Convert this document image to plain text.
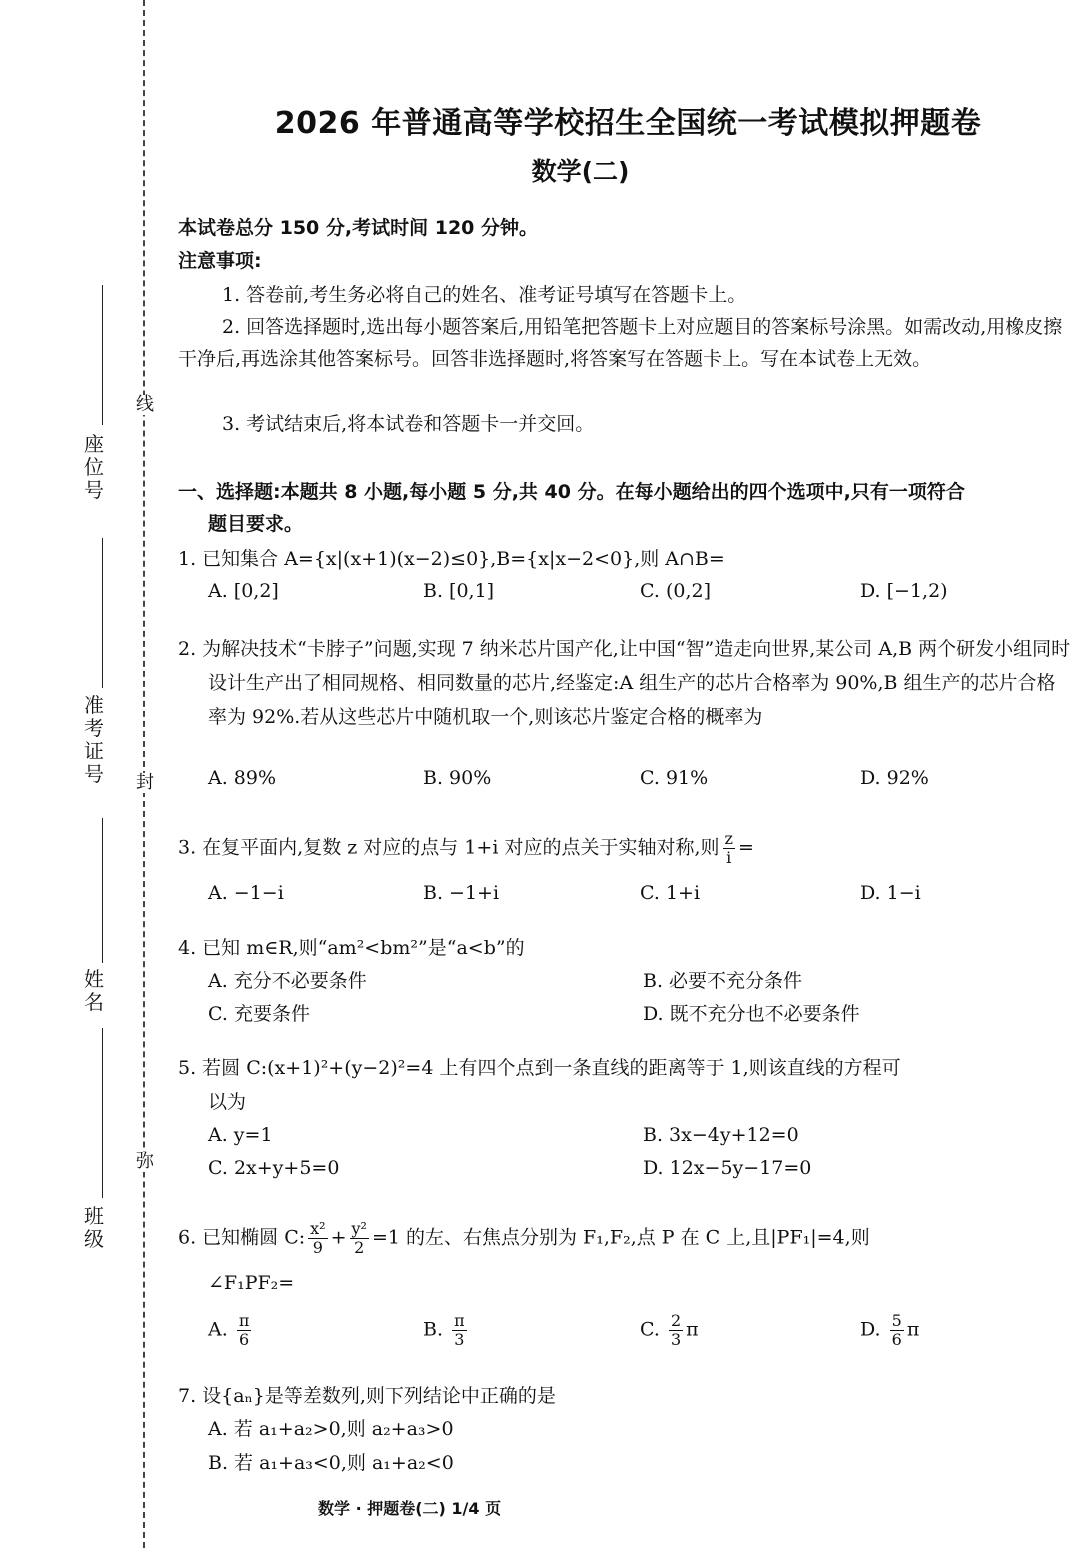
线
封
弥
座位号
准考证号
姓名
班级
2026 年普通高等学校招生全国统一考试模拟押题卷
数学(二)
本试卷总分 150 分,考试时间 120 分钟。
注意事项:
1. 答卷前,考生务必将自己的姓名、准考证号填写在答题卡上。
2. 回答选择题时,选出每小题答案后,用铅笔把答题卡上对应题目的答案标号涂黑。如需改动,用橡皮擦干净后,再选涂其他答案标号。回答非选择题时,将答案写在答题卡上。写在本试卷上无效。
3. 考试结束后,将本试卷和答题卡一并交回。
一、选择题:本题共 8 小题,每小题 5 分,共 40 分。在每小题给出的四个选项中,只有一项符合
题目要求。
1. 已知集合 A={x|(x+1)(x−2)≤0},B={x|x−2<0},则 A∩B=
A. [0,2]	B. [0,1]	C. (0,2]	D. [−1,2)
2. 为解决技术“卡脖子”问题,实现 7 纳米芯片国产化,让中国“智”造走向世界,某公司 A,B 两个研发小组同时设计生产出了相同规格、相同数量的芯片,经鉴定:A 组生产的芯片合格率为 90%,B 组生产的芯片合格率为 92%.若从这些芯片中随机取一个,则该芯片鉴定合格的概率为
A. 89%	B. 90%	C. 91%	D. 92%
3. 在复平面内,复数 z 对应的点与 1+i 对应的点关于实轴对称,则 $\frac{z}{i}$ =
A. −1−i	B. −1+i	C. 1+i	D. 1−i
4. 已知 m∈R,则“am²<bm²”是“a<b”的
A. 充分不必要条件	B. 必要不充分条件
C. 充要条件	D. 既不充分也不必要条件
5. 若圆 C:(x+1)²+(y−2)²=4 上有四个点到一条直线的距离等于 1,则该直线的方程可
以为
A. y=1	B. 3x−4y+12=0
C. 2x+y+5=0	D. 12x−5y−17=0
6. 已知椭圆 C: $\frac{\text{x²}}{9} + \frac{\text{y²}}{2} =1$ 的左、右焦点分别为 F₁,F₂,点 P 在 C 上,且|PF₁|=4,则
∠F₁PF₂=
A. $\frac{\pi}{6}$	B. $\frac{\pi}{3}$	C. $\frac{2}{3}$ π	D. $\frac{5}{6}$ π
7. 设{aₙ}是等差数列,则下列结论中正确的是
A. 若 a₁+a₂>0,则 a₂+a₃>0
B. 若 a₁+a₃<0,则 a₁+a₂<0
数学 · 押题卷(二) 1/4 页
